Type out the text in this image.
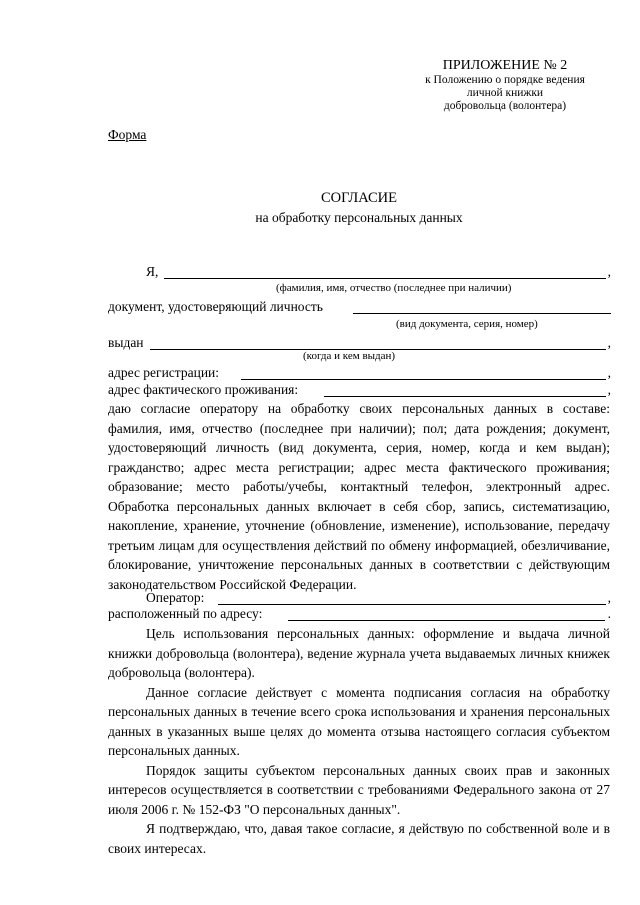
ПРИЛОЖЕНИЕ № 2
к Положению о порядке ведения
личной книжки
добровольца (волонтера)
Форма
СОГЛАСИЕ
на обработку персональных данных
Я,	,
(фамилия, имя, отчество (последнее при наличии)
документ, удостоверяющий личность
(вид документа, серия, номер)
выдан	,
(когда и кем выдан)
адрес регистрации:	,
адрес фактического проживания:	,

даю согласие оператору на обработку своих персональных данных в составе: фамилия, имя, отчество (последнее при наличии); пол; дата рождения; документ, удостоверяющий личность (вид документа, серия, номер, когда и кем выдан); гражданство; адрес места регистрации; адрес места фактического проживания; образование; место работы/учебы, контактный телефон, электронный адрес. Обработка персональных данных включает в себя сбор, запись, систематизацию, накопление, хранение, уточнение (обновление, изменение), использование, передачу третьим лицам для осуществления действий по обмену информацией, обезличивание, блокирование, уничтожение персональных данных в соответствии с действующим законодательством Российской Федерации.

Оператор:	,
расположенный по адресу:	.

Цель использования персональных данных: оформление и выдача личной книжки добровольца (волонтера), ведение журнала учета выдаваемых личных книжек добровольца (волонтера).

Данное согласие действует с момента подписания согласия на обработку персональных данных в течение всего срока использования и хранения персональных данных в указанных выше целях до момента отзыва настоящего согласия субъектом персональных данных.

Порядок защиты субъектом персональных данных своих прав и законных интересов осуществляется в соответствии с требованиями Федерального закона от 27 июля 2006 г. № 152-ФЗ "О персональных данных".

Я подтверждаю, что, давая такое согласие, я действую по собственной воле и в своих интересах.
